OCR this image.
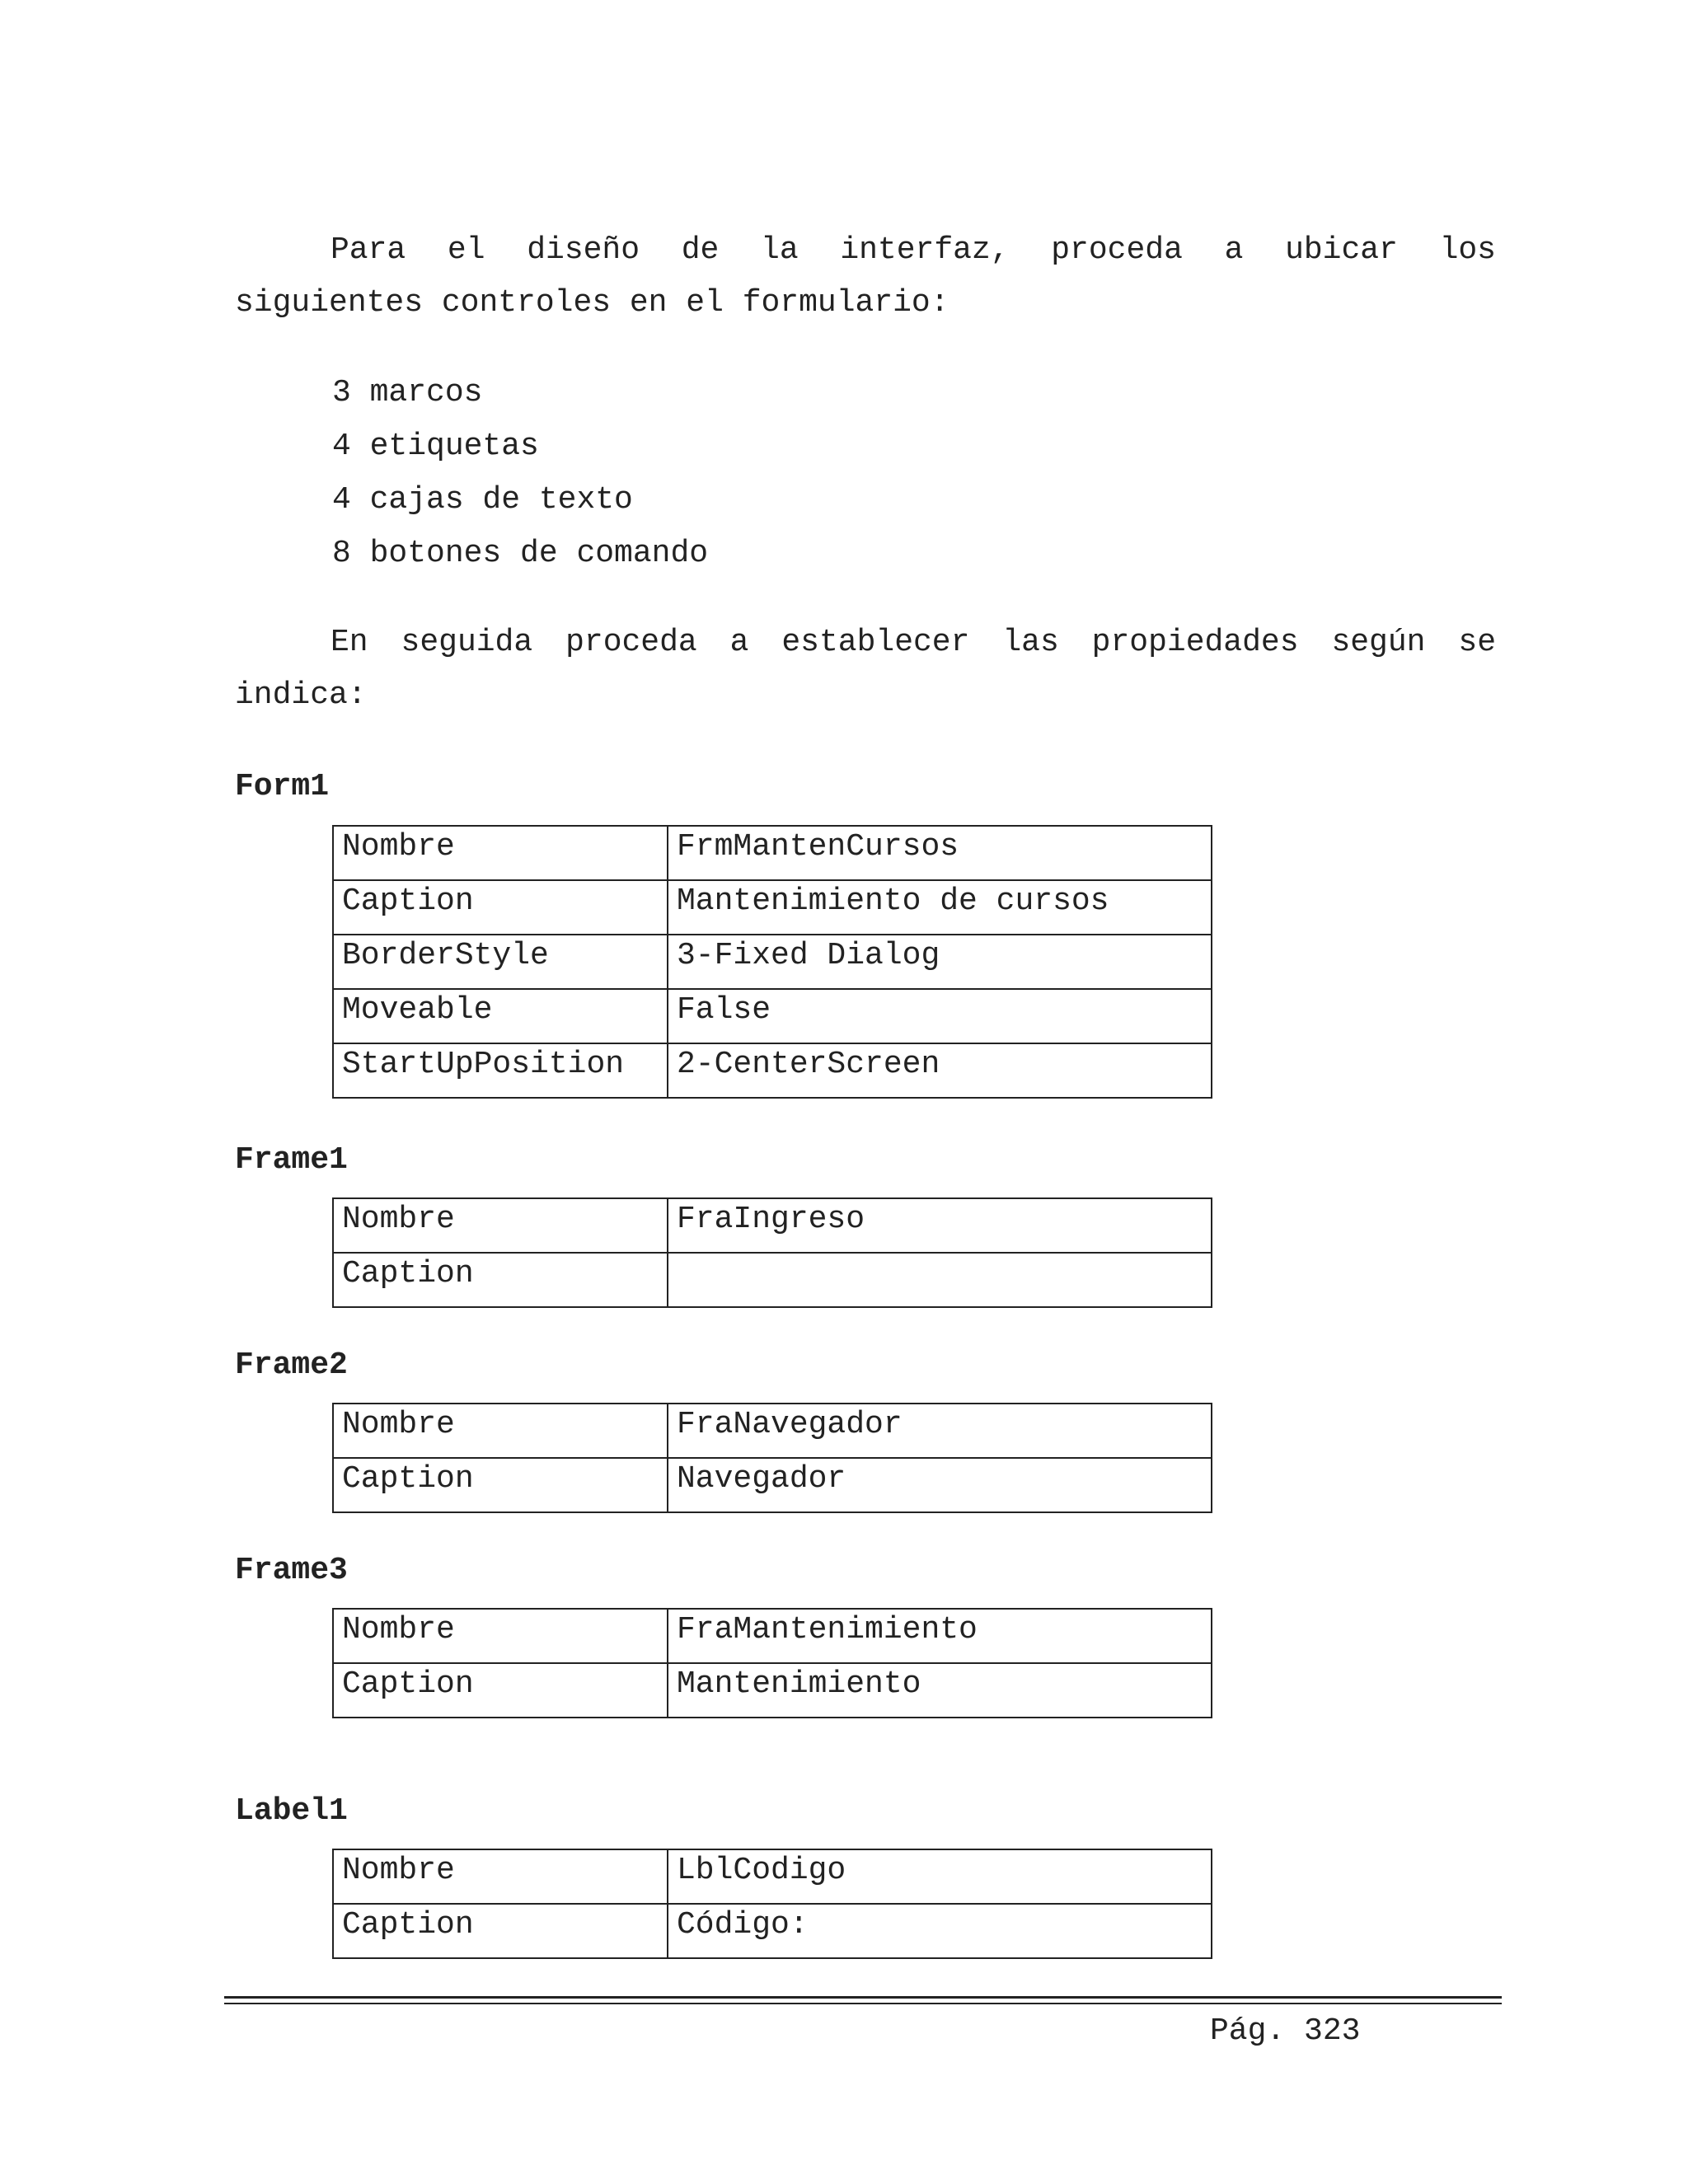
Para el diseño de la interfaz, proceda a ubicar los
siguientes controles en el formulario:
3 marcos
4 etiquetas
4 cajas de texto
8 botones de comando
En seguida proceda a establecer las propiedades según se
indica:
Form1
Nombre	FrmMantenCursos
Caption	Mantenimiento de cursos
BorderStyle	3-Fixed Dialog
Moveable	False
StartUpPosition	2-CenterScreen
Frame1
Nombre	FraIngreso
Caption	
Frame2
Nombre	FraNavegador
Caption	Navegador
Frame3
Nombre	FraMantenimiento
Caption	Mantenimiento
Label1
Nombre	LblCodigo
Caption	Código:
Pág. 323
